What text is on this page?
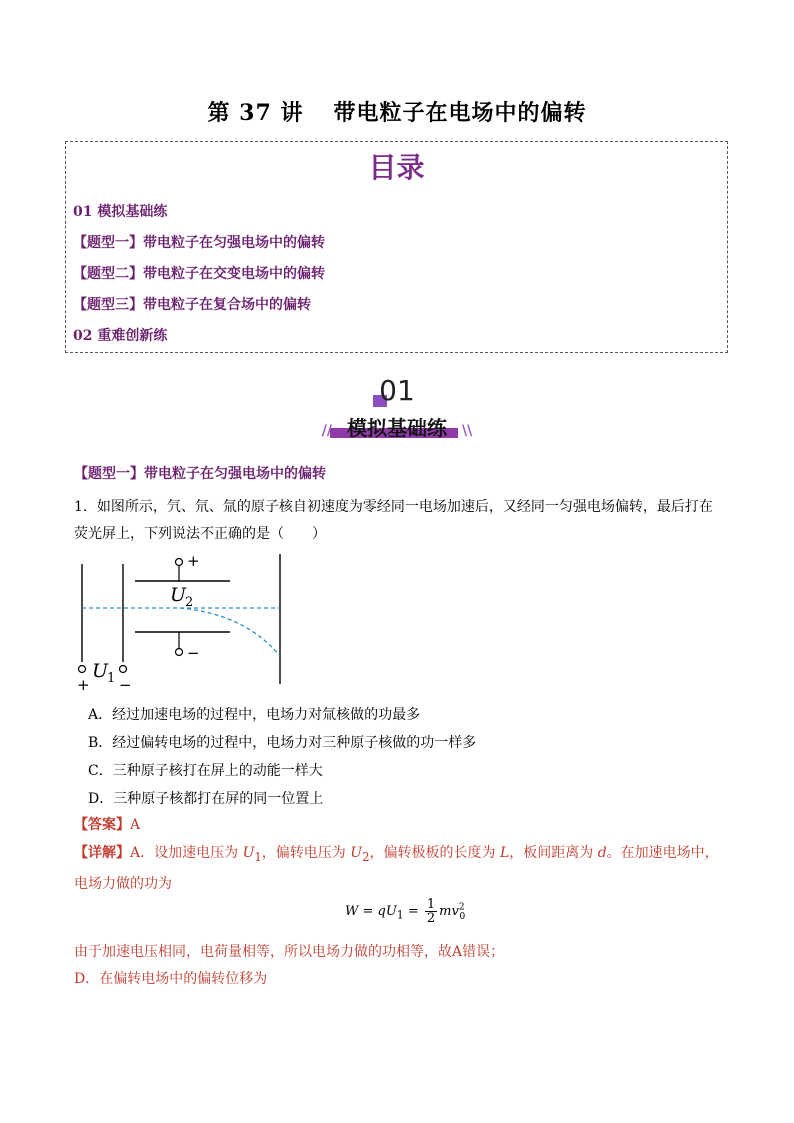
第 37 讲 带电粒子在电场中的偏转
目录
01 模拟基础练
【题型一】带电粒子在匀强电场中的偏转
【题型二】带电粒子在交变电场中的偏转
【题型三】带电粒子在复合场中的偏转
02 重难创新练
01
// 模拟基础练 \\
【题型一】带电粒子在匀强电场中的偏转
1．如图所示，氕、氘、氚的原子核自初速度为零经同一电场加速后，又经同一匀强电场偏转，最后打在荧光屏上，下列说法不正确的是（　　）
+
−
U
2
U
1
+ −
A．经过加速电场的过程中，电场力对氚核做的功最多
B．经过偏转电场的过程中，电场力对三种原子核做的功一样多
C．三种原子核打在屏上的动能一样大
D．三种原子核都打在屏的同一位置上
【答案】A
【详解】A．设加速电压为 $U_1$，偏转电压为 $U_2$，偏转极板的长度为 L，板间距离为 d。在加速电场中，电场力做的功为
$W = qU_1 = \frac{1}{2} mv^2_0$
由于加速电压相同，电荷量相等，所以电场力做的功相等，故A错误；
D．在偏转电场中的偏转位移为
